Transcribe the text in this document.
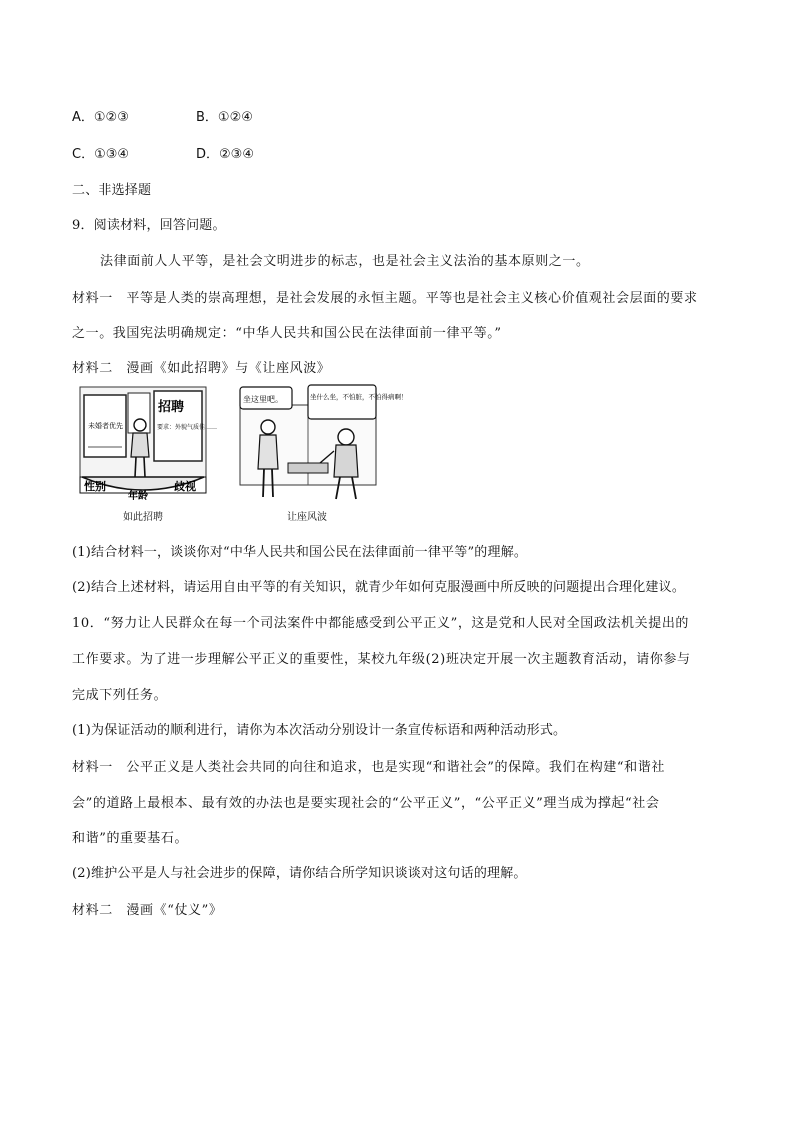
A．①②③	B．①②④
C．①③④	D．②③④
二、非选择题
9．阅读材料，回答问题。
法律面前人人平等，是社会文明进步的标志，也是社会主义法治的基本原则之一。
材料一　平等是人类的崇高理想，是社会发展的永恒主题。平等也是社会主义核心价值观社会层面的要求
之一。我国宪法明确规定：“中华人民共和国公民在法律面前一律平等。”
材料二　漫画《如此招聘》与《让座风波》
未婚者优先
招聘
要求：外貌气质佳……
性别
年龄
歧视
如此招聘
坐这里吧。	坐什么坐，不怕脏，不怕得病啊！
让座风波
(1)结合材料一，谈谈你对“中华人民共和国公民在法律面前一律平等”的理解。
(2)结合上述材料，请运用自由平等的有关知识，就青少年如何克服漫画中所反映的问题提出合理化建议。
10．“努力让人民群众在每一个司法案件中都能感受到公平正义”，这是党和人民对全国政法机关提出的
工作要求。为了进一步理解公平正义的重要性，某校九年级(2)班决定开展一次主题教育活动，请你参与
完成下列任务。
(1)为保证活动的顺利进行，请你为本次活动分别设计一条宣传标语和两种活动形式。
材料一　公平正义是人类社会共同的向往和追求，也是实现“和谐社会”的保障。我们在构建“和谐社
会”的道路上最根本、最有效的办法也是要实现社会的“公平正义”，“公平正义”理当成为撑起“社会
和谐”的重要基石。
(2)维护公平是人与社会进步的保障，请你结合所学知识谈谈对这句话的理解。
材料二　漫画《“仗义”》
